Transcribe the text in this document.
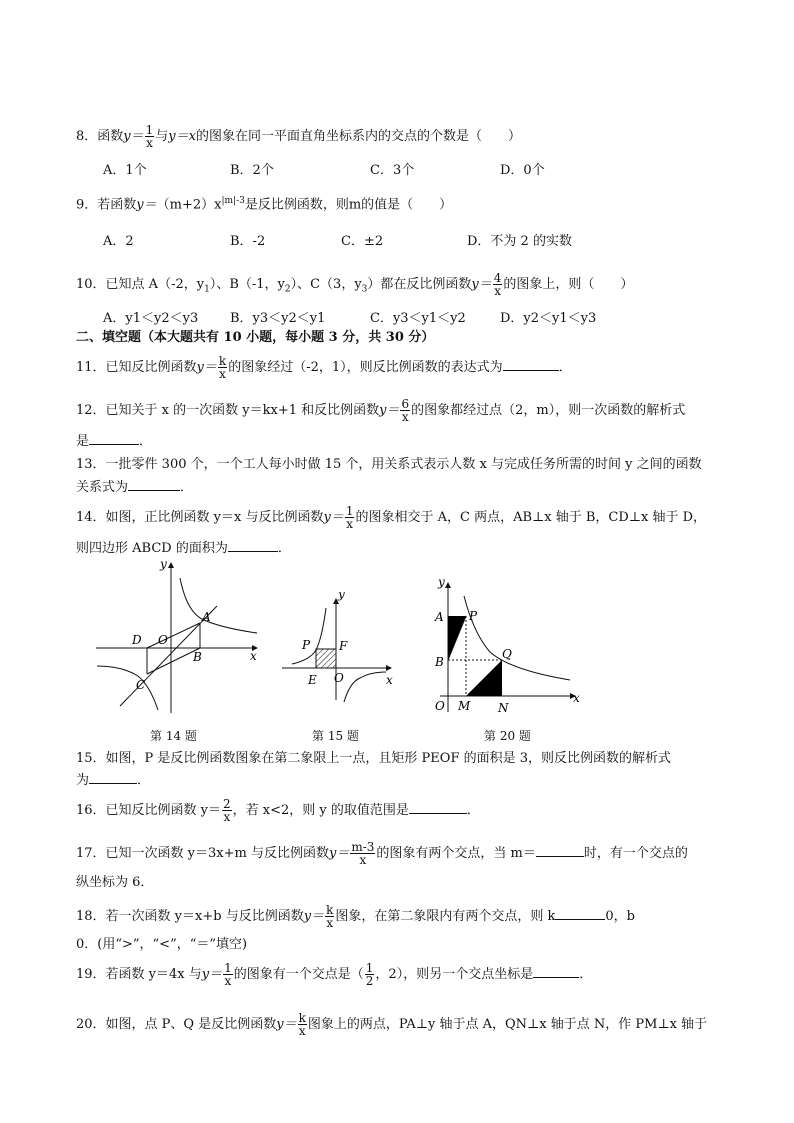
8．函数$y= \frac{1}{x}$ 与y＝x的图象在同一平面直角坐标系内的交点的个数是（　　）
A．1个	B．2个	C．3个	D．0个
9．若函数$y=(m+2)x^{|m|-3}$是反比例函数，则m的值是（　　）
A．2	B．-2	C．±2	D．不为 2 的实数
10．已知点 A（-2，$y_1$）、B（-1，$y_2$）、C（3，$y_3$）都在反比例函数$y= \frac{4}{x}$ 的图象上，则（　　）
A．y1＜y2＜y3 B．y3＜y2＜y1	C．y3＜y1＜y2	D．y2＜y1＜y3
二、填空题（本大题共有 10 小题，每小题 3 分，共 30 分）
11．已知反比例函数$y= \frac{k}{x}$ 的图象经过（-2，1），则反比例函数的表达式为	．
12．已知关于 x 的一次函数 y＝kx+1 和反比例函数$y= \frac{6}{x}$ 的图象都经过点（2，m），则一次函数的解析式
是	．
13．一批零件 300 个，一个工人每小时做 15 个，用关系式表示人数 x 与完成任务所需的时间 y 之间的函数
关系式为	．
14．如图，正比例函数 y＝x 与反比例函数$y= \frac{1}{x}$ 的图象相交于 A，C 两点，AB⊥x 轴于 B，CD⊥x 轴于 D，
则四边形 ABCD 的面积为	．
y
x
A
B
C
D O
第 14 题
y
x
P F
E O
第 15 题
y
x
A P
B
Q
O M N
第 20 题
15．如图，P 是反比例函数图象在第二象限上一点，且矩形 PEOF 的面积是 3，则反比例函数的解析式
为	．
16．已知反比例函数 $y= \frac{2}{x}$ ，若 x<2，则 y 的取值范围是	．
17．已知一次函数 y＝3x+m 与反比例函数$y= \frac{m-3}{x}$ 的图象有两个交点，当 m＝	时，有一个交点的
纵坐标为 6．
18．若一次函数 y＝x+b 与反比例函数$y= \frac{k}{x}$ 图象，在第二象限内有两个交点，则 k	0，b
0．(用“>”，“<”，“＝”填空)
19．若函数 y＝4x 与$y= \frac{1}{x}$ 的图象有一个交点是（ $\frac{1}{2}$ ，2），则另一个交点坐标是	．
20．如图，点 P、Q 是反比例函数$y= \frac{k}{x}$ 图象上的两点，PA⊥y 轴于点 A，QN⊥x 轴于点 N，作 PM⊥x 轴于
